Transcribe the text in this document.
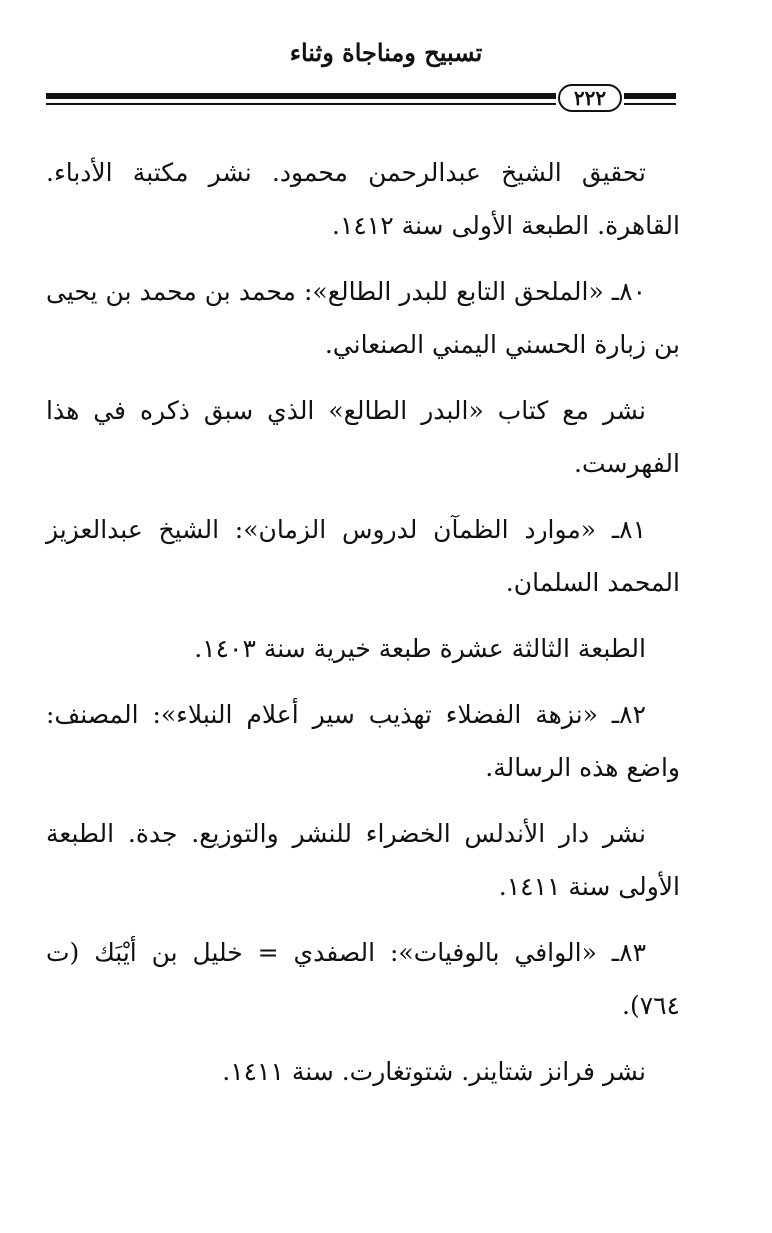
تسبيح ومناجاة وثناء
٢٢٢

تحقيق الشيخ عبدالرحمن محمود. نشر مكتبة الأدباء. القاهرة. الطبعة الأولى سنة ١٤١٢.

٨٠ـ «الملحق التابع للبدر الطالع»: محمد بن محمد بن يحيى بن زبارة الحسني اليمني الصنعاني.

نشر مع كتاب «البدر الطالع» الذي سبق ذكره في هذا الفهرست.

٨١ـ «موارد الظمآن لدروس الزمان»: الشيخ عبدالعزيز المحمد السلمان.

الطبعة الثالثة عشرة طبعة خيرية سنة ١٤٠٣.

٨٢ـ «نزهة الفضلاء تهذيب سير أعلام النبلاء»: المصنف: واضع هذه الرسالة.

نشر دار الأندلس الخضراء للنشر والتوزيع. جدة. الطبعة الأولى سنة ١٤١١.

٨٣ـ «الوافي بالوفيات»: الصفدي = خليل بن أيْبَك (ت ٧٦٤).

نشر فرانز شتاينر. شتوتغارت. سنة ١٤١١.
